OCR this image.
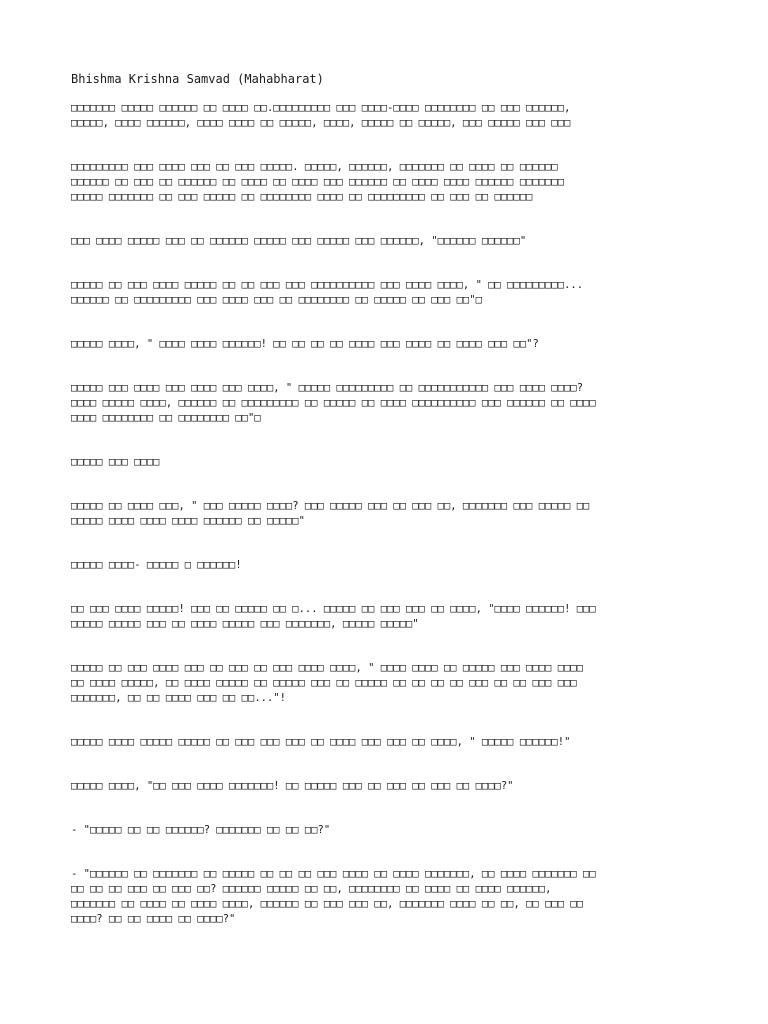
Bhishma Krishna Samvad (Mahabharat)

□□□□□□□ □□□□□ □□□□□□ □□ □□□□ □□.□□□□□□□□□ □□□ □□□□-□□□□ □□□□□□□□ □□ □□□ □□□□□□,
□□□□□, □□□□ □□□□□□, □□□□ □□□□ □□ □□□□□, □□□□, □□□□□ □□ □□□□□, □□□ □□□□□ □□□ □□□

□□□□□□□□□ □□□ □□□□ □□□ □□ □□□ □□□□□. □□□□□, □□□□□□, □□□□□□□ □□ □□□□ □□ □□□□□□
□□□□□□ □□ □□□ □□ □□□□□□ □□ □□□□ □□ □□□□ □□□ □□□□□□ □□ □□□□ □□□□ □□□□□□ □□□□□□□
□□□□□ □□□□□□□ □□ □□□ □□□□□ □□ □□□□□□□□ □□□□ □□ □□□□□□□□□ □□ □□□ □□ □□□□□□

□□□ □□□□ □□□□□ □□□ □□ □□□□□□ □□□□□ □□□ □□□□□ □□□ □□□□□□, "□□□□□□ □□□□□□"

□□□□□ □□ □□□ □□□□ □□□□□ □□ □□ □□□ □□□ □□□□□□□□□□ □□□ □□□□ □□□□, " □□ □□□□□□□□□...
□□□□□□ □□ □□□□□□□□□ □□□ □□□□ □□□ □□ □□□□□□□□ □□ □□□□□ □□ □□□ □□"□

□□□□□ □□□□, " □□□□ □□□□ □□□□□□! □□ □□ □□ □□ □□□□ □□□ □□□□ □□ □□□□ □□□ □□"?

□□□□□ □□□ □□□□ □□□ □□□□ □□□ □□□□, " □□□□□ □□□□□□□□□ □□ □□□□□□□□□□□ □□□ □□□□ □□□□?
□□□□ □□□□□ □□□□, □□□□□□ □□ □□□□□□□□□ □□ □□□□□ □□ □□□□ □□□□□□□□□□ □□□ □□□□□□ □□ □□□□
□□□□ □□□□□□□□ □□ □□□□□□□□ □□"□

□□□□□ □□□ □□□□

□□□□□ □□ □□□□ □□□, " □□□ □□□□□ □□□□? □□□ □□□□□ □□□ □□ □□□ □□, □□□□□□□ □□□ □□□□□ □□
□□□□□ □□□□ □□□□ □□□□ □□□□□□ □□ □□□□□"

□□□□□ □□□□- □□□□□ □ □□□□□□!

□□ □□□ □□□□ □□□□□! □□□ □□ □□□□□ □□ □... □□□□□ □□ □□□ □□□ □□ □□□□, "□□□□ □□□□□□! □□□
□□□□□ □□□□□ □□□ □□ □□□□ □□□□□ □□□ □□□□□□□, □□□□□ □□□□□"

□□□□□ □□ □□□ □□□□ □□□ □□ □□□ □□ □□□ □□□□ □□□□, " □□□□ □□□□ □□ □□□□□ □□□ □□□□ □□□□
□□ □□□□ □□□□□, □□ □□□□ □□□□□ □□ □□□□□ □□□ □□ □□□□□ □□ □□ □□ □□ □□□ □□ □□ □□□ □□□
□□□□□□□, □□ □□ □□□□ □□□ □□ □□..."!

□□□□□ □□□□ □□□□□ □□□□□ □□ □□□ □□□ □□□ □□ □□□□ □□□ □□□ □□ □□□□, " □□□□□ □□□□□□!"

□□□□□ □□□□, "□□ □□□ □□□□ □□□□□□□! □□ □□□□□ □□□ □□ □□□ □□ □□□ □□ □□□□?"

- "□□□□□ □□ □□ □□□□□□? □□□□□□□ □□ □□ □□?"

- "□□□□□□ □□ □□□□□□□ □□ □□□□□ □□ □□ □□ □□□ □□□□ □□ □□□□ □□□□□□□, □□ □□□□ □□□□□□□ □□
□□ □□ □□ □□□ □□ □□□ □□? □□□□□□ □□□□□ □□ □□, □□□□□□□□ □□ □□□□ □□ □□□□ □□□□□□,
□□□□□□□ □□ □□□□ □□ □□□□ □□□□, □□□□□□ □□ □□□ □□□ □□, □□□□□□□ □□□□ □□ □□, □□ □□□ □□
□□□□? □□ □□ □□□□ □□ □□□□?"
